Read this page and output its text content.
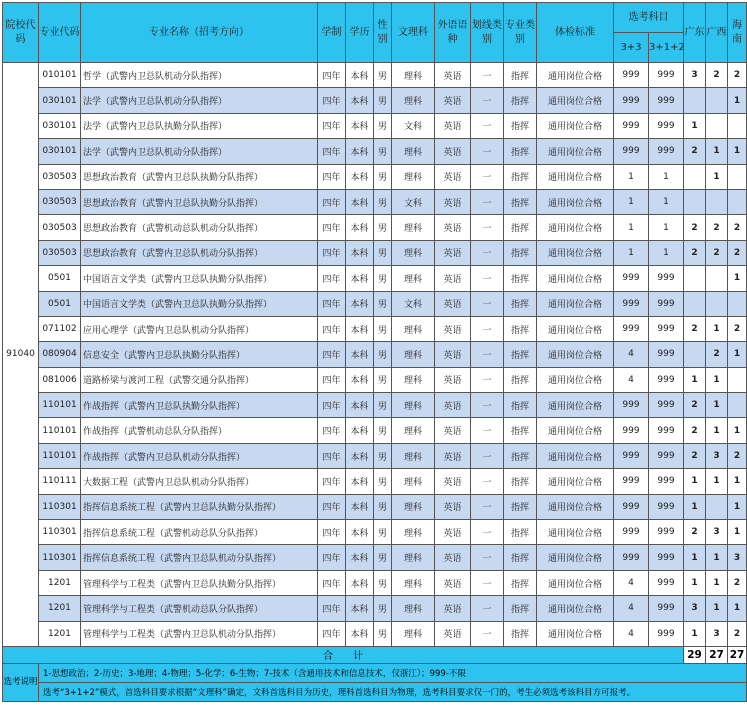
院校代码	专业代码	专业名称（招考方向）	学制	学历	性别	文理科	外语语种	划线类别	专业类别	体检标准	选考科目		广东	广西	海南
											3+3	3+1+2			
91040	010101	哲学（武警内卫总队机动分队指挥）	四年	本科	男	理科	英语	一	指挥	通用岗位合格	999	999	3	2	2
	030101	法学（武警内卫总队机动分队指挥）	四年	本科	男	理科	英语	一	指挥	通用岗位合格	999	999			1
	030101	法学（武警内卫总队执勤分队指挥）	四年	本科	男	文科	英语	一	指挥	通用岗位合格	999	999	1		
	030101	法学（武警内卫总队机动分队指挥）	四年	本科	男	理科	英语	一	指挥	通用岗位合格	999	999	2	1	1
	030503	思想政治教育（武警内卫总队执勤分队指挥）	四年	本科	男	理科	英语	一	指挥	通用岗位合格	1	1		1	
	030503	思想政治教育（武警内卫总队执勤分队指挥）	四年	本科	男	文科	英语	一	指挥	通用岗位合格	1	1			
	030503	思想政治教育（武警机动总队机动分队指挥）	四年	本科	男	理科	英语	一	指挥	通用岗位合格	1	1	2	2	2
	030503	思想政治教育（武警内卫总队机动分队指挥）	四年	本科	男	理科	英语	一	指挥	通用岗位合格	1	1	2	2	2
	0501	中国语言文学类（武警内卫总队执勤分队指挥）	四年	本科	男	理科	英语	一	指挥	通用岗位合格	999	999			1
	0501	中国语言文学类（武警内卫总队执勤分队指挥）	四年	本科	男	文科	英语	一	指挥	通用岗位合格	999	999			
	071102	应用心理学（武警内卫总队机动分队指挥）	四年	本科	男	理科	英语	一	指挥	通用岗位合格	999	999	2	1	2
	080904	信息安全（武警内卫总队执勤分队指挥）	四年	本科	男	理科	英语	一	指挥	通用岗位合格	4	999		2	1
	081006	道路桥梁与渡河工程（武警交通分队指挥）	四年	本科	男	理科	英语	一	指挥	通用岗位合格	4	999	1	1	
	110101	作战指挥（武警内卫总队执勤分队指挥）	四年	本科	男	理科	英语	一	指挥	通用岗位合格	999	999	2	1	
	110101	作战指挥（武警机动总队分队指挥）	四年	本科	男	理科	英语	一	指挥	通用岗位合格	999	999	2	1	1
	110101	作战指挥（武警内卫总队机动分队指挥）	四年	本科	男	理科	英语	一	指挥	通用岗位合格	999	999	2	3	2
	110111	大数据工程（武警内卫总队机动分队指挥）	四年	本科	男	理科	英语	一	指挥	通用岗位合格	999	999	1	1	1
	110301	指挥信息系统工程（武警内卫总队执勤分队指挥）	四年	本科	男	理科	英语	一	指挥	通用岗位合格	999	999	1		1
	110301	指挥信息系统工程（武警机动总队分队指挥）	四年	本科	男	理科	英语	一	指挥	通用岗位合格	999	999	2	3	1
	110301	指挥信息系统工程（武警内卫总队机动分队指挥）	四年	本科	男	理科	英语	一	指挥	通用岗位合格	999	999	1	1	3
	1201	管理科学与工程类（武警内卫总队执勤分队指挥）	四年	本科	男	理科	英语	一	指挥	通用岗位合格	4	999	1	1	2
	1201	管理科学与工程类（武警机动总队分队指挥）	四年	本科	男	理科	英语	一	指挥	通用岗位合格	4	999	3	1	1
	1201	管理科学与工程类（武警内卫总队机动分队指挥）	四年	本科	男	理科	英语	一	指挥	通用岗位合格	4	999	1	3	2
合　　计													29	27	27
选考说明	1-思想政治；2-历史；3-地理；4-物理；5-化学；6-生物；7-技术（含通用技术和信息技术，仅浙江）；999-不限														
	选考“3+1+2”模式，首选科目要求根据“文理科”确定，文科首选科目为历史，理科首选科目为物理，选考科目要求仅一门的，考生必须选考该科目方可报考。														
